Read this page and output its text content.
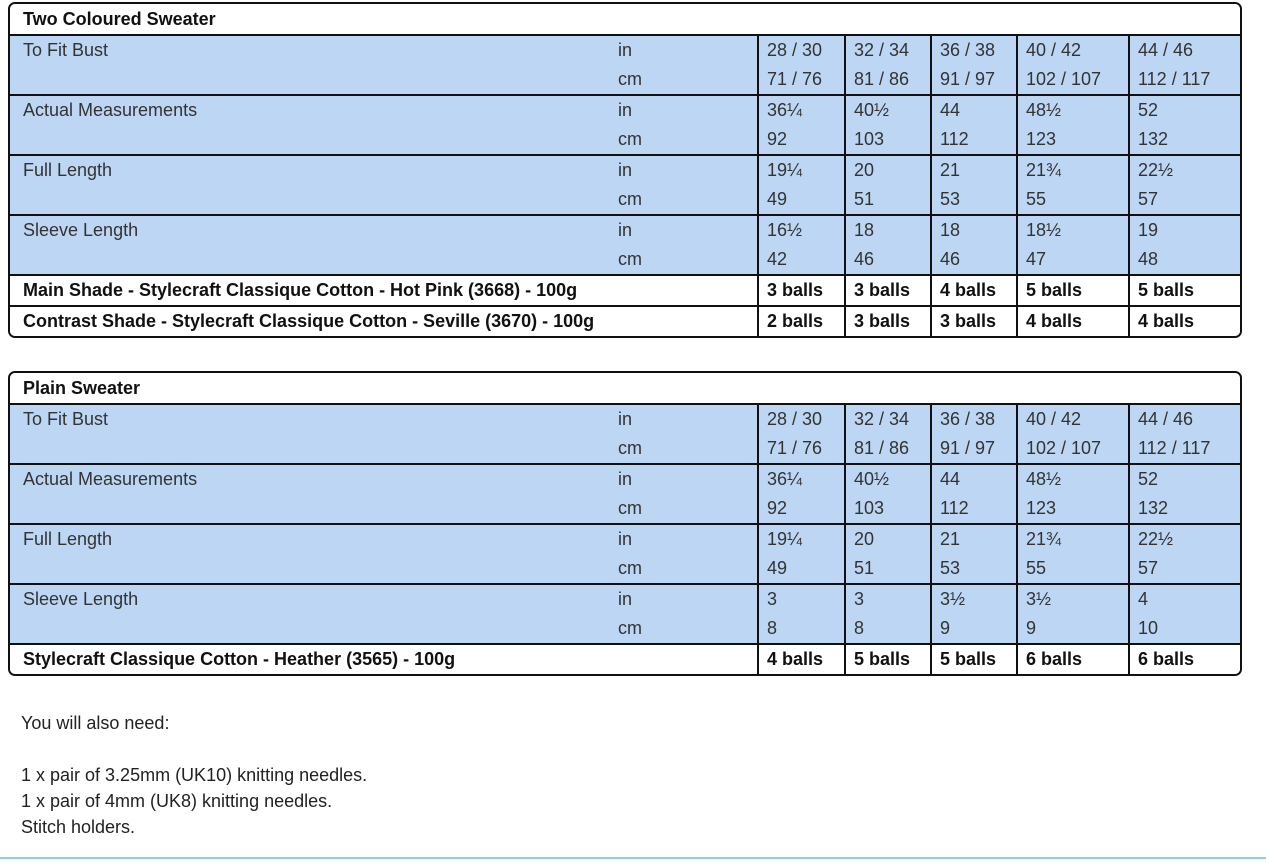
Two Coloured Sweater						
To Fit Bust	in	28 / 30	32 / 34	36 / 38	40 / 42	44 / 46
	cm	71 / 76	81 / 86	91 / 97	102 / 107	112 / 117
Actual Measurements	in	36¼	40½	44	48½	52
	cm	92	103	112	123	132
Full Length	in	19¼	20	21	21¾	22½
	cm	49	51	53	55	57
Sleeve Length	in	16½	18	18	18½	19
	cm	42	46	46	47	48
Main Shade - Stylecraft Classique Cotton - Hot Pink (3668) - 100g		3 balls	3 balls	4 balls	5 balls	5 balls
Contrast Shade - Stylecraft Classique Cotton - Seville (3670) - 100g		2 balls	3 balls	3 balls	4 balls	4 balls
Plain Sweater						
To Fit Bust	in	28 / 30	32 / 34	36 / 38	40 / 42	44 / 46
	cm	71 / 76	81 / 86	91 / 97	102 / 107	112 / 117
Actual Measurements	in	36¼	40½	44	48½	52
	cm	92	103	112	123	132
Full Length	in	19¼	20	21	21¾	22½
	cm	49	51	53	55	57
Sleeve Length	in	3	3	3½	3½	4
	cm	8	8	9	9	10
Stylecraft Classique Cotton - Heather (3565) - 100g		4 balls	5 balls	5 balls	6 balls	6 balls
You will also need:
1 x pair of 3.25mm (UK10) knitting needles.
1 x pair of 4mm (UK8) knitting needles.
Stitch holders.
